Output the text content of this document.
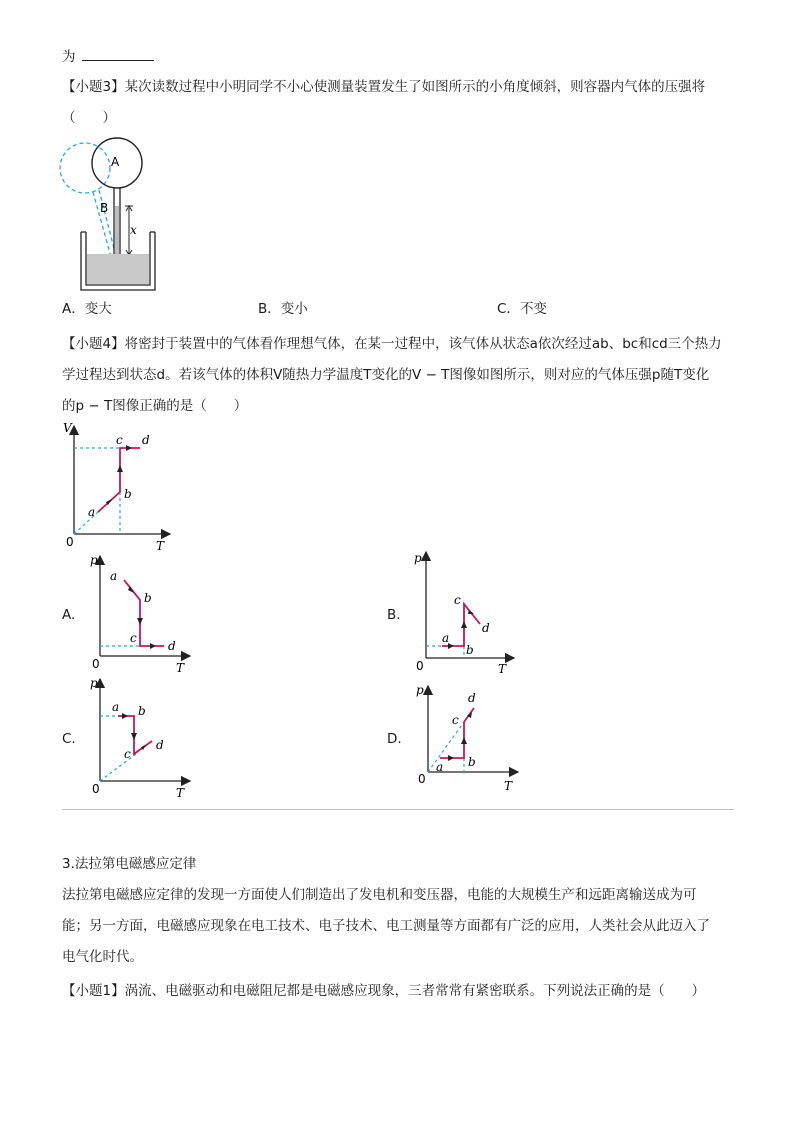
为
【小题3】某次读数过程中小明同学不小心使测量装置发生了如图所示的小角度倾斜，则容器内气体的压强将
（　　）
A
B
x
A．变大	B．变小	C．不变
【小题4】将密封于装置中的气体看作理想气体，在某一过程中，该气体从状态a依次经过ab、bc和cd三个热力
学过程达到状态d。若该气体的体积V随热力学温度T变化的V − T图像如图所示，则对应的气体压强p随T变化
的p − T图像正确的是（　　）
V
T
0
a
b
c d
A.
p
T
0
a
b
c
d
B.
p
T
0
a
b
c
d
C.
p
T
0
a b
c
d	D.
p
T
0
a b
c
d
3.法拉第电磁感应定律
法拉第电磁感应定律的发现一方面使人们制造出了发电机和变压器，电能的大规模生产和远距离输送成为可
能；另一方面，电磁感应现象在电工技术、电子技术、电工测量等方面都有广泛的应用，人类社会从此迈入了
电气化时代。
【小题1】涡流、电磁驱动和电磁阻尼都是电磁感应现象，三者常常有紧密联系。下列说法正确的是（　　）
